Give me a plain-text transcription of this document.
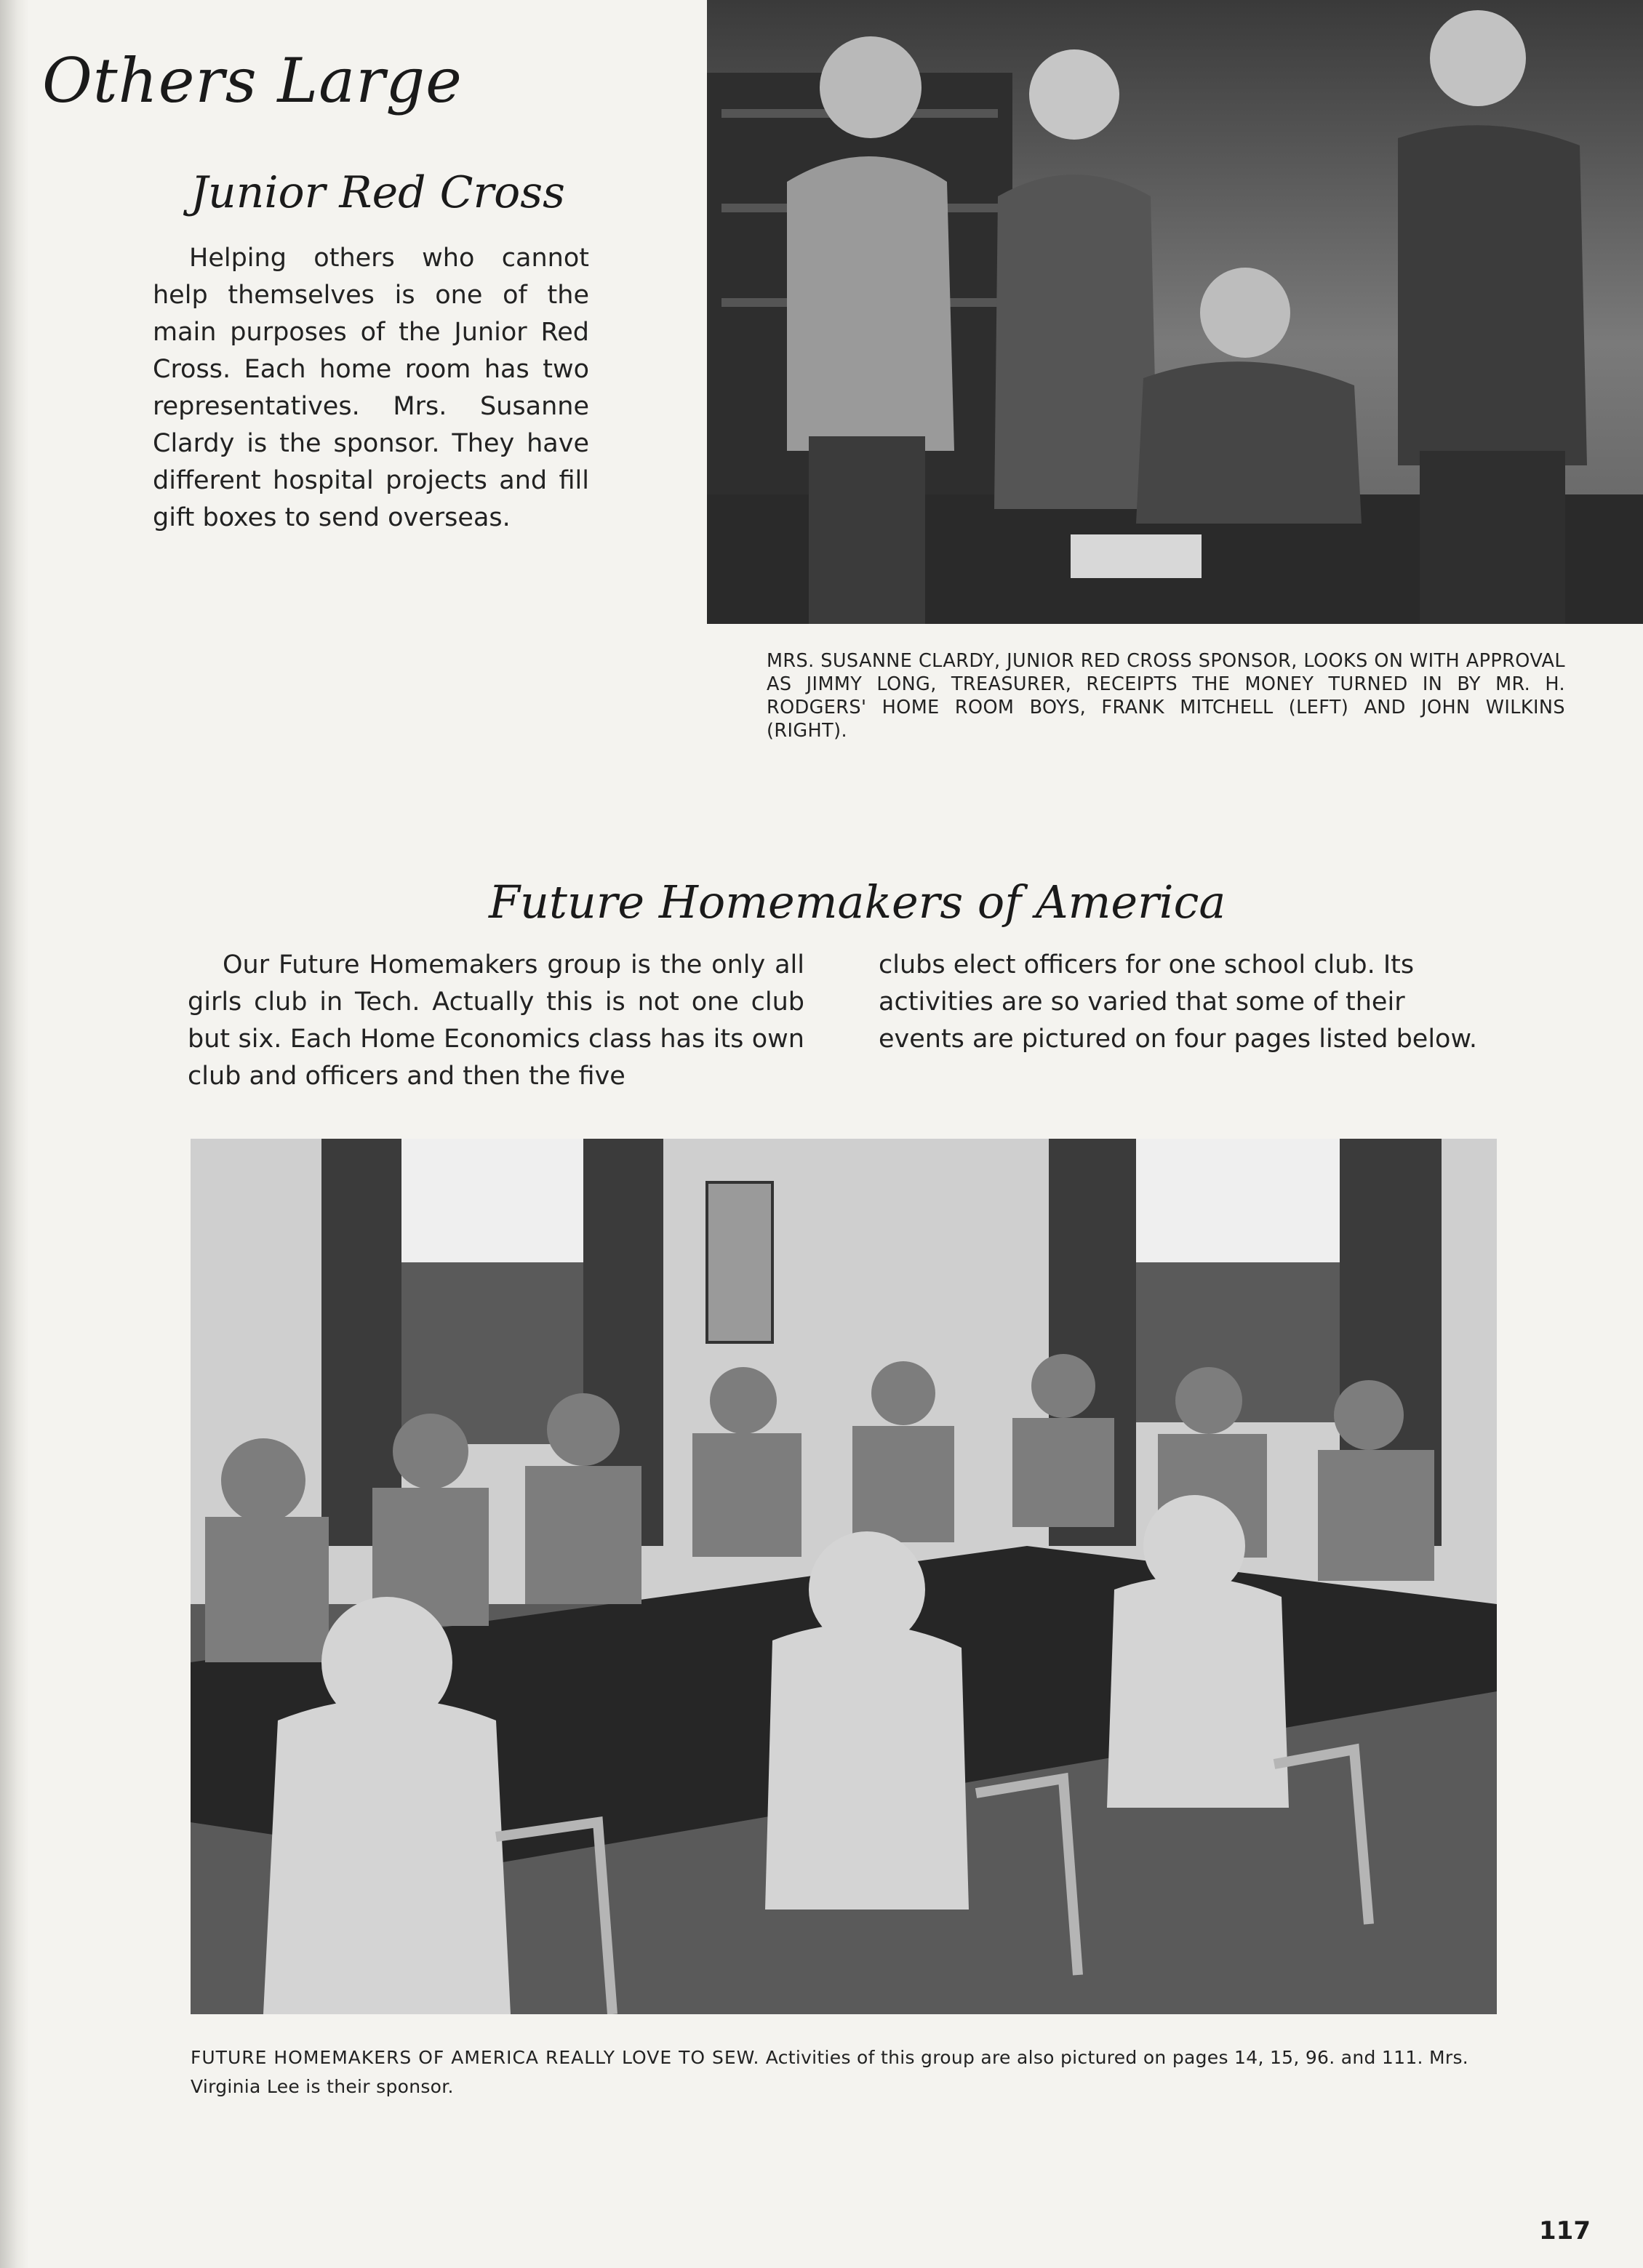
Others Large
Junior Red Cross

Helping others who cannot help themselves is one of the main purposes of the Junior Red Cross. Each home room has two representatives. Mrs. Susanne Clardy is the sponsor. They have different hospital projects and fill gift boxes to send overseas.

MRS. SUSANNE CLARDY, JUNIOR RED CROSS SPONSOR, LOOKS ON WITH APPROVAL AS JIMMY LONG, TREASURER, RECEIPTS THE MONEY TURNED IN BY MR. H. RODGERS' HOME ROOM BOYS, FRANK MITCHELL (LEFT) AND JOHN WILKINS (RIGHT).

Future Homemakers of America

Our Future Homemakers group is the only all girls club in Tech. Actually this is not one club but six. Each Home Economics class has its own club and officers and then the five

clubs elect officers for one school club. Its activities are so varied that some of their events are pictured on four pages listed below.

FUTURE HOMEMAKERS OF AMERICA REALLY LOVE TO SEW. Activities of this group are also pictured on pages 14, 15, 96. and 111. Mrs. Virginia Lee is their sponsor.

117
